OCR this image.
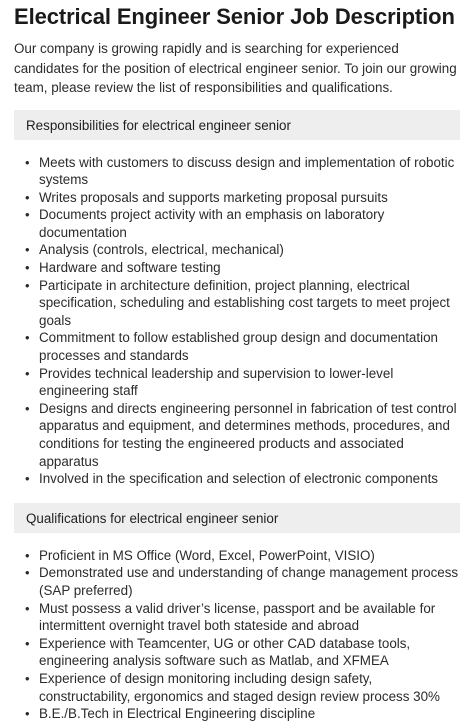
Electrical Engineer Senior Job Description

Our company is growing rapidly and is searching for experienced candidates for the position of electrical engineer senior. To join our growing team, please review the list of responsibilities and qualifications.

Responsibilities for electrical engineer senior
• Meets with customers to discuss design and implementation of robotic systems
• Writes proposals and supports marketing proposal pursuits
• Documents project activity with an emphasis on laboratory documentation
• Analysis (controls, electrical, mechanical)
• Hardware and software testing
• Participate in architecture definition, project planning, electrical specification, scheduling and establishing cost targets to meet project goals
• Commitment to follow established group design and documentation processes and standards
• Provides technical leadership and supervision to lower-level engineering staff
• Designs and directs engineering personnel in fabrication of test control apparatus and equipment, and determines methods, procedures, and conditions for testing the engineered products and associated apparatus
• Involved in the specification and selection of electronic components
Qualifications for electrical engineer senior
• Proficient in MS Office (Word, Excel, PowerPoint, VISIO)
• Demonstrated use and understanding of change management process (SAP preferred)
• Must possess a valid driver’s license, passport and be available for intermittent overnight travel both stateside and abroad
• Experience with Teamcenter, UG or other CAD database tools, engineering analysis software such as Matlab, and XFMEA
• Experience of design monitoring including design safety, constructability, ergonomics and staged design review process 30%
• B.E./B.Tech in Electrical Engineering discipline
